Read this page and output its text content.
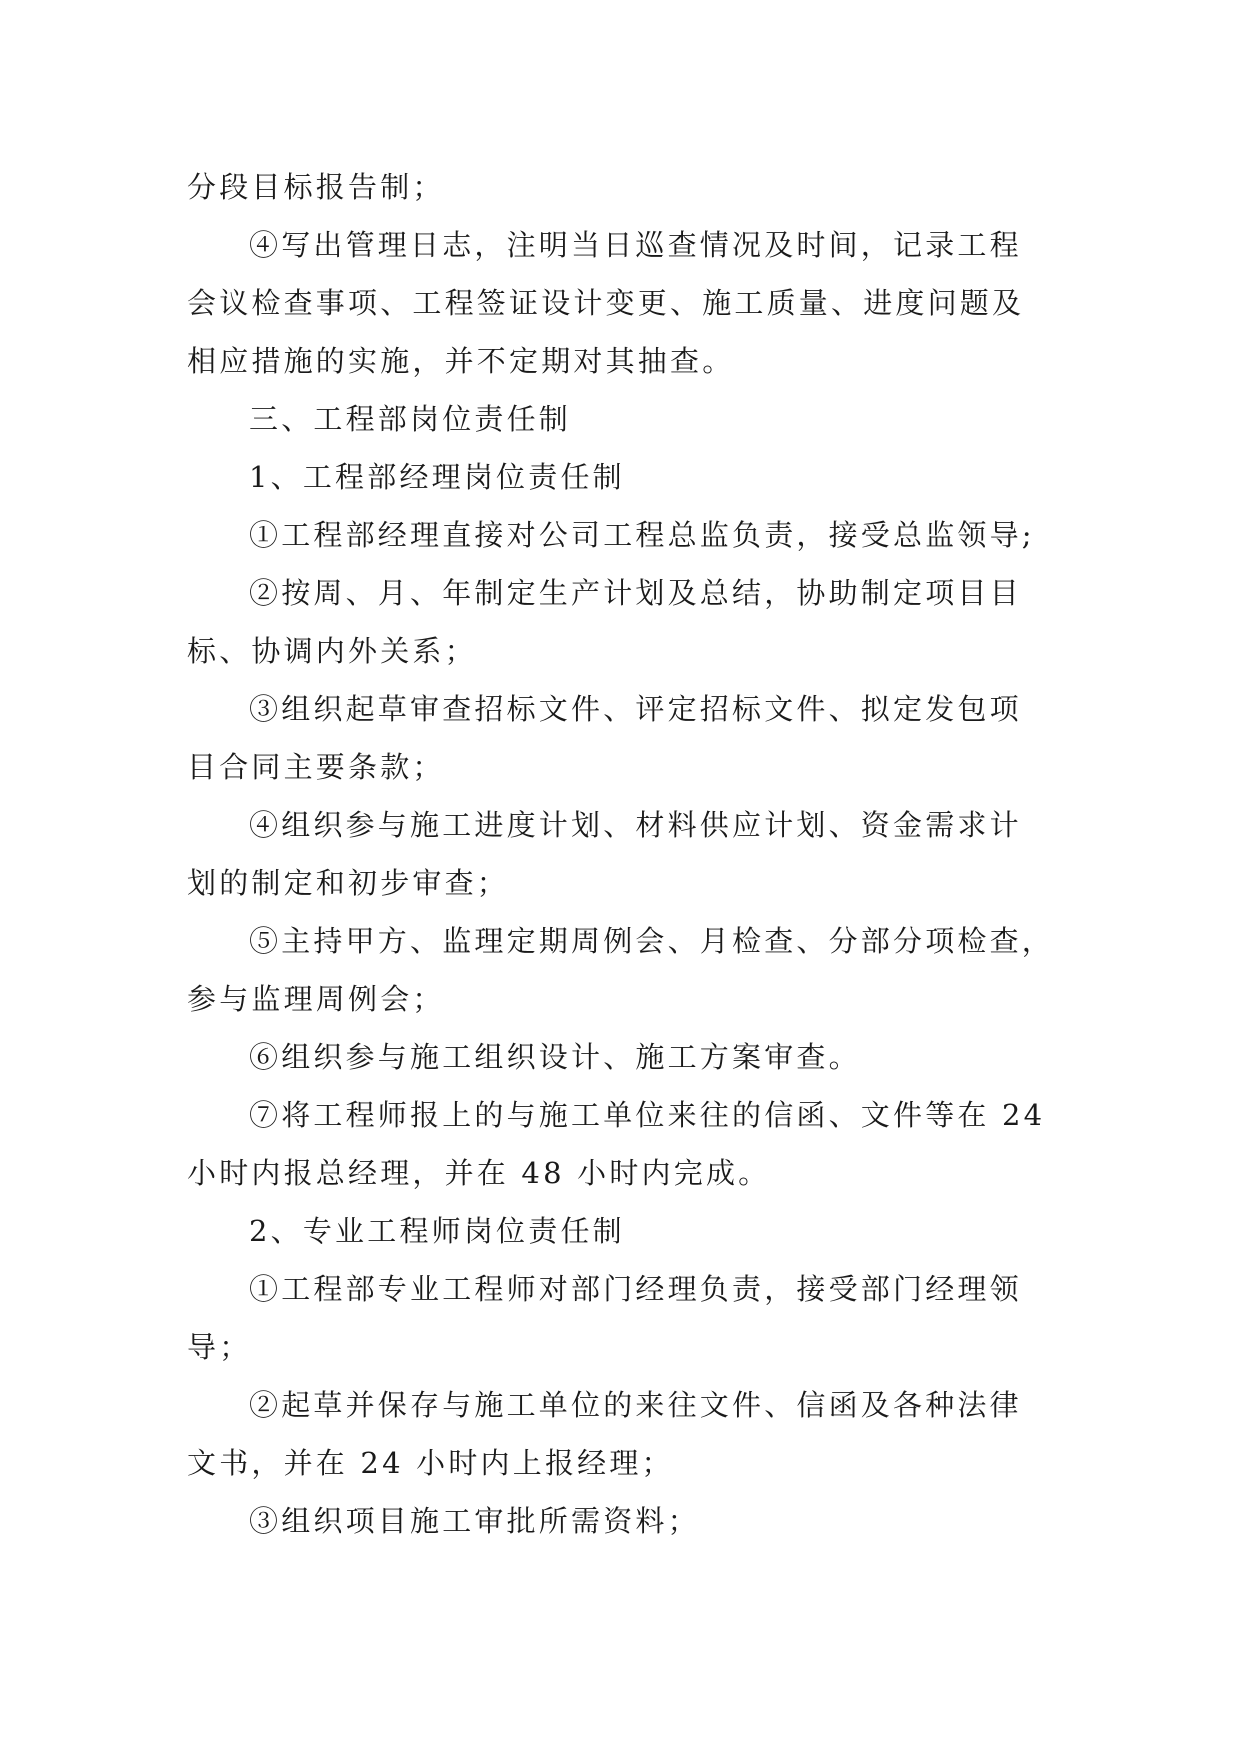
分段目标报告制；
④写出管理日志，注明当日巡查情况及时间，记录工程
会议检查事项、工程签证设计变更、施工质量、进度问题及
相应措施的实施，并不定期对其抽查。
三、工程部岗位责任制
1、工程部经理岗位责任制
①工程部经理直接对公司工程总监负责，接受总监领导;
②按周、月、年制定生产计划及总结，协助制定项目目
标、协调内外关系；
③组织起草审查招标文件、评定招标文件、拟定发包项
目合同主要条款；
④组织参与施工进度计划、材料供应计划、资金需求计
划的制定和初步审查；
⑤主持甲方、监理定期周例会、月检查、分部分项检查，
参与监理周例会；
⑥组织参与施工组织设计、施工方案审查。
⑦将工程师报上的与施工单位来往的信函、文件等在 24
小时内报总经理，并在 48 小时内完成。
2、专业工程师岗位责任制
①工程部专业工程师对部门经理负责，接受部门经理领
导；
②起草并保存与施工单位的来往文件、信函及各种法律
文书，并在 24 小时内上报经理；
③组织项目施工审批所需资料；
